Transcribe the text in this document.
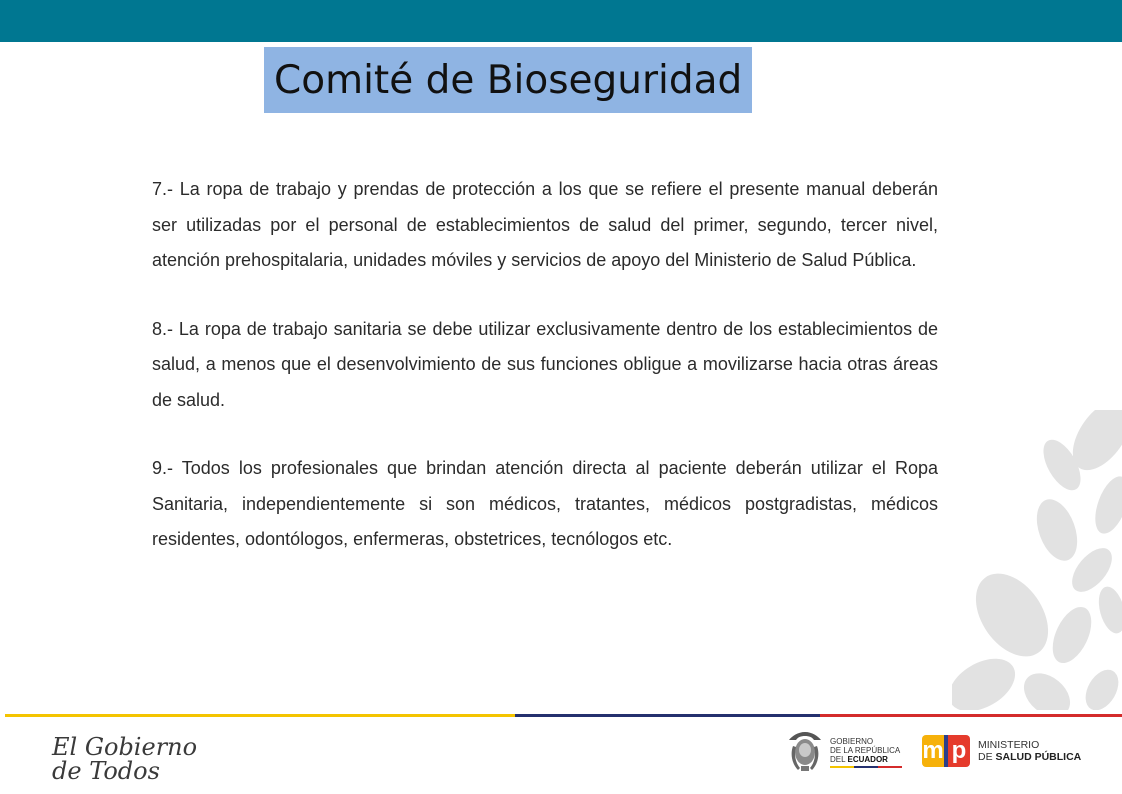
Comité de Bioseguridad

7.- La ropa de trabajo y prendas de protección a los que se refiere el presente manual deberán ser utilizadas por el personal de establecimientos de salud del primer, segundo, tercer nivel, atención prehospitalaria, unidades móviles y servicios de apoyo del Ministerio de Salud Pública.

8.- La ropa de trabajo sanitaria se debe utilizar exclusivamente dentro de los establecimientos de salud, a menos que el desenvolvimiento de sus funciones obligue a movilizarse hacia otras áreas de salud.

9.- Todos los profesionales que brindan atención directa al paciente deberán utilizar el Ropa Sanitaria, independientemente si son médicos, tratantes, médicos postgradistas, médicos residentes, odontólogos, enfermeras, obstetrices, tecnólogos etc.

El Gobierno
de Todos
GOBIERNO
DE LA REPÚBLICA
DEL ECUADOR	m p	MINISTERIO
DE SALUD PÚBLICA
